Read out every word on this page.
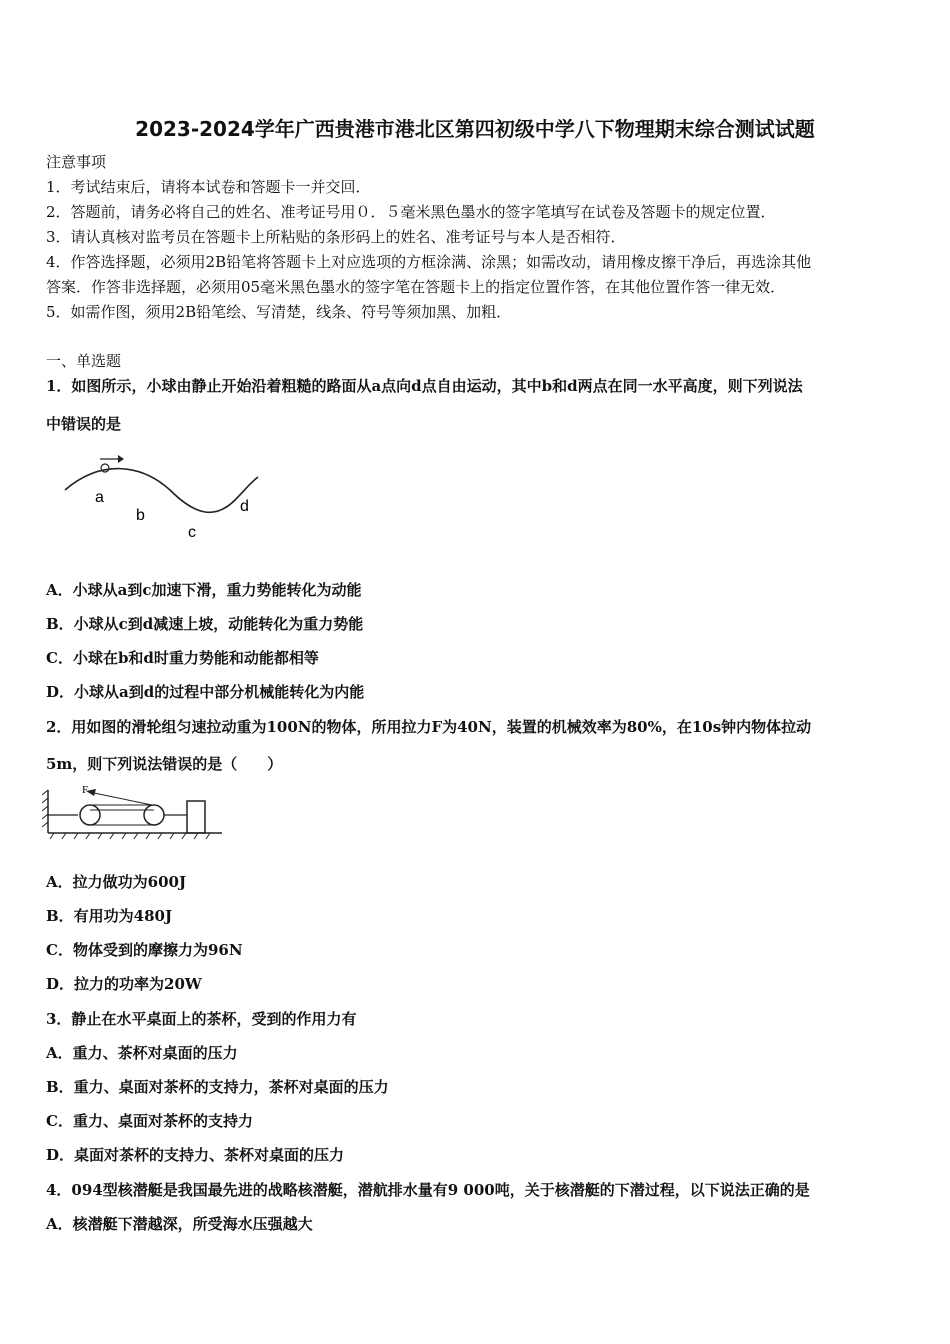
2023-2024学年广西贵港市港北区第四初级中学八下物理期末综合测试试题
注意事项
1．考试结束后，请将本试卷和答题卡一并交回．
2．答题前，请务必将自己的姓名、准考证号用０．５毫米黑色墨水的签字笔填写在试卷及答题卡的规定位置．
3．请认真核对监考员在答题卡上所粘贴的条形码上的姓名、准考证号与本人是否相符．
4．作答选择题，必须用2B铅笔将答题卡上对应选项的方框涂满、涂黑；如需改动，请用橡皮擦干净后，再选涂其他
答案．作答非选择题，必须用05毫米黑色墨水的签字笔在答题卡上的指定位置作答，在其他位置作答一律无效．
5．如需作图，须用2B铅笔绘、写清楚，线条、符号等须加黑、加粗．
一、单选题
1．如图所示，小球由静止开始沿着粗糙的路面从a点向d点自由运动，其中b和d两点在同一水平高度，则下列说法
中错误的是
a
b
c
d
A．小球从a到c加速下滑，重力势能转化为动能
B．小球从c到d减速上坡，动能转化为重力势能
C．小球在b和d时重力势能和动能都相等
D．小球从a到d的过程中部分机械能转化为内能
2．用如图的滑轮组匀速拉动重为100N的物体，所用拉力F为40N，装置的机械效率为80%，在10s钟内物体拉动
5m，则下列说法错误的是（　　）
F
A．拉力做功为600J
B．有用功为480J
C．物体受到的摩擦力为96N
D．拉力的功率为20W
3．静止在水平桌面上的茶杯，受到的作用力有
A．重力、茶杯对桌面的压力
B．重力、桌面对茶杯的支持力，茶杯对桌面的压力
C．重力、桌面对茶杯的支持力
D．桌面对茶杯的支持力、茶杯对桌面的压力
4．094型核潜艇是我国最先进的战略核潜艇，潜航排水量有9 000吨，关于核潜艇的下潜过程，以下说法正确的是
A．核潜艇下潜越深，所受海水压强越大
